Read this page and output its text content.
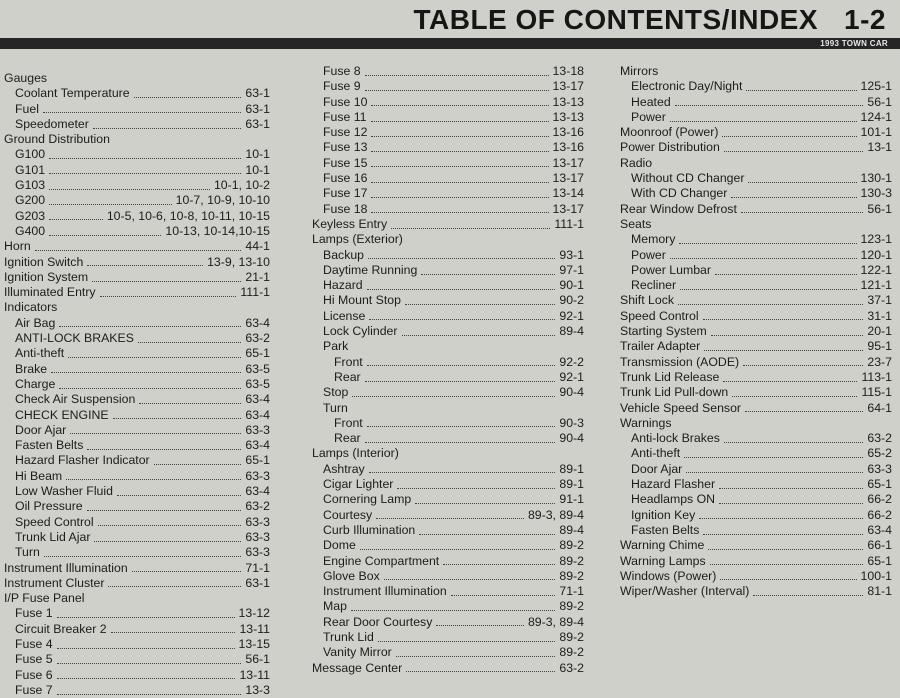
TABLE OF CONTENTS/INDEX 1-2
1993 TOWN CAR
Gauges
Coolant Temperature	63-1
Fuel	63-1
Speedometer	63-1
Ground Distribution
G100	10-1
G101	10-1
G103	10-1, 10-2
G200	10-7, 10-9, 10-10
G203	10-5, 10-6, 10-8, 10-11, 10-15
G400	10-13, 10-14,10-15
Horn	44-1
Ignition Switch	13-9, 13-10
Ignition System	21-1
Illuminated Entry	111-1
Indicators
Air Bag	63-4
ANTI-LOCK BRAKES	63-2
Anti-theft	65-1
Brake	63-5
Charge	63-5
Check Air Suspension	63-4
CHECK ENGINE	63-4
Door Ajar	63-3
Fasten Belts	63-4
Hazard Flasher Indicator	65-1
Hi Beam	63-3
Low Washer Fluid	63-4
Oil Pressure	63-2
Speed Control	63-3
Trunk Lid Ajar	63-3
Turn	63-3
Instrument Illumination	71-1
Instrument Cluster	63-1
I/P Fuse Panel
Fuse 1	13-12
Circuit Breaker 2	13-11
Fuse 4	13-15
Fuse 5	56-1
Fuse 6	13-11
Fuse 7	13-3
Fuse 8	13-18
Fuse 9	13-17
Fuse 10	13-13
Fuse 11	13-13
Fuse 12	13-16
Fuse 13	13-16
Fuse 15	13-17
Fuse 16	13-17
Fuse 17	13-14
Fuse 18	13-17
Keyless Entry	111-1
Lamps (Exterior)
Backup	93-1
Daytime Running	97-1
Hazard	90-1
Hi Mount Stop	90-2
License	92-1
Lock Cylinder	89-4
Park
Front	92-2
Rear	92-1
Stop	90-4
Turn
Front	90-3
Rear	90-4
Lamps (Interior)
Ashtray	89-1
Cigar Lighter	89-1
Cornering Lamp	91-1
Courtesy	89-3, 89-4
Curb Illumination	89-4
Dome	89-2
Engine Compartment	89-2
Glove Box	89-2
Instrument Illumination	71-1
Map	89-2
Rear Door Courtesy	89-3, 89-4
Trunk Lid	89-2
Vanity Mirror	89-2
Message Center	63-2
Mirrors
Electronic Day/Night	125-1
Heated	56-1
Power	124-1
Moonroof (Power)	101-1
Power Distribution	13-1
Radio
Without CD Changer	130-1
With CD Changer	130-3
Rear Window Defrost	56-1
Seats
Memory	123-1
Power	120-1
Power Lumbar	122-1
Recliner	121-1
Shift Lock	37-1
Speed Control	31-1
Starting System	20-1
Trailer Adapter	95-1
Transmission (AODE)	23-7
Trunk Lid Release	113-1
Trunk Lid Pull-down	115-1
Vehicle Speed Sensor	64-1
Warnings
Anti-lock Brakes	63-2
Anti-theft	65-2
Door Ajar	63-3
Hazard Flasher	65-1
Headlamps ON	66-2
Ignition Key	66-2
Fasten Belts	63-4
Warning Chime	66-1
Warning Lamps	65-1
Windows (Power)	100-1
Wiper/Washer (Interval)	81-1
